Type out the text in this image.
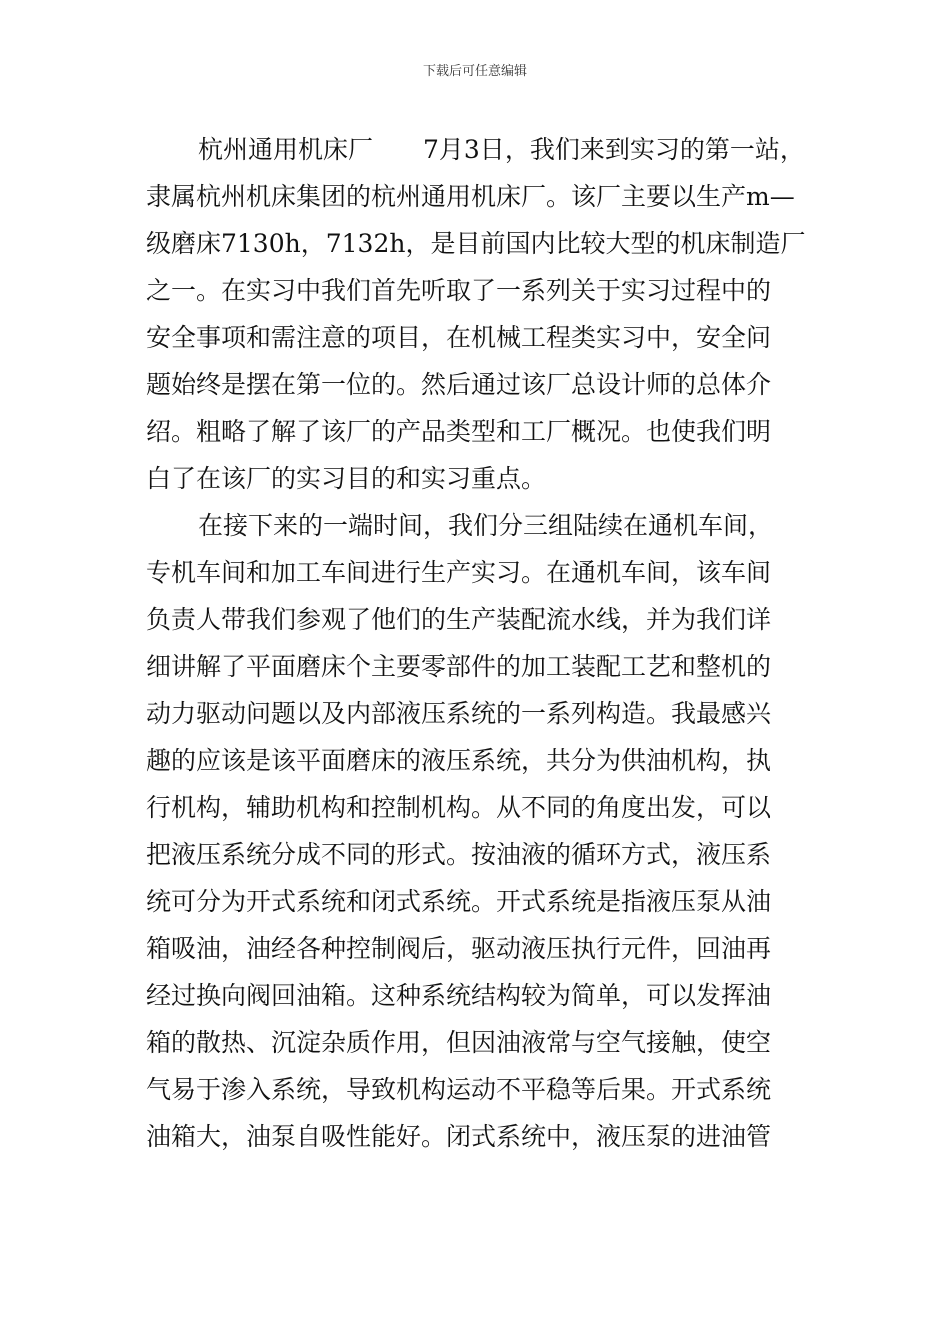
下载后可任意编辑
杭州通用机床厂　　7月3日，我们来到实习的第一站，
隶属杭州机床集团的杭州通用机床厂。该厂主要以生产m—
级磨床7130h，7132h，是目前国内比较大型的机床制造厂
之一。在实习中我们首先听取了一系列关于实习过程中的
安全事项和需注意的项目，在机械工程类实习中，安全问
题始终是摆在第一位的。然后通过该厂总设计师的总体介
绍。粗略了解了该厂的产品类型和工厂概况。也使我们明
白了在该厂的实习目的和实习重点。
在接下来的一端时间，我们分三组陆续在通机车间，
专机车间和加工车间进行生产实习。在通机车间，该车间
负责人带我们参观了他们的生产装配流水线，并为我们详
细讲解了平面磨床个主要零部件的加工装配工艺和整机的
动力驱动问题以及内部液压系统的一系列构造。我最感兴
趣的应该是该平面磨床的液压系统，共分为供油机构，执
行机构，辅助机构和控制机构。从不同的角度出发，可以
把液压系统分成不同的形式。按油液的循环方式，液压系
统可分为开式系统和闭式系统。开式系统是指液压泵从油
箱吸油，油经各种控制阀后，驱动液压执行元件，回油再
经过换向阀回油箱。这种系统结构较为简单，可以发挥油
箱的散热、沉淀杂质作用，但因油液常与空气接触，使空
气易于渗入系统，导致机构运动不平稳等后果。开式系统
油箱大，油泵自吸性能好。闭式系统中，液压泵的进油管
